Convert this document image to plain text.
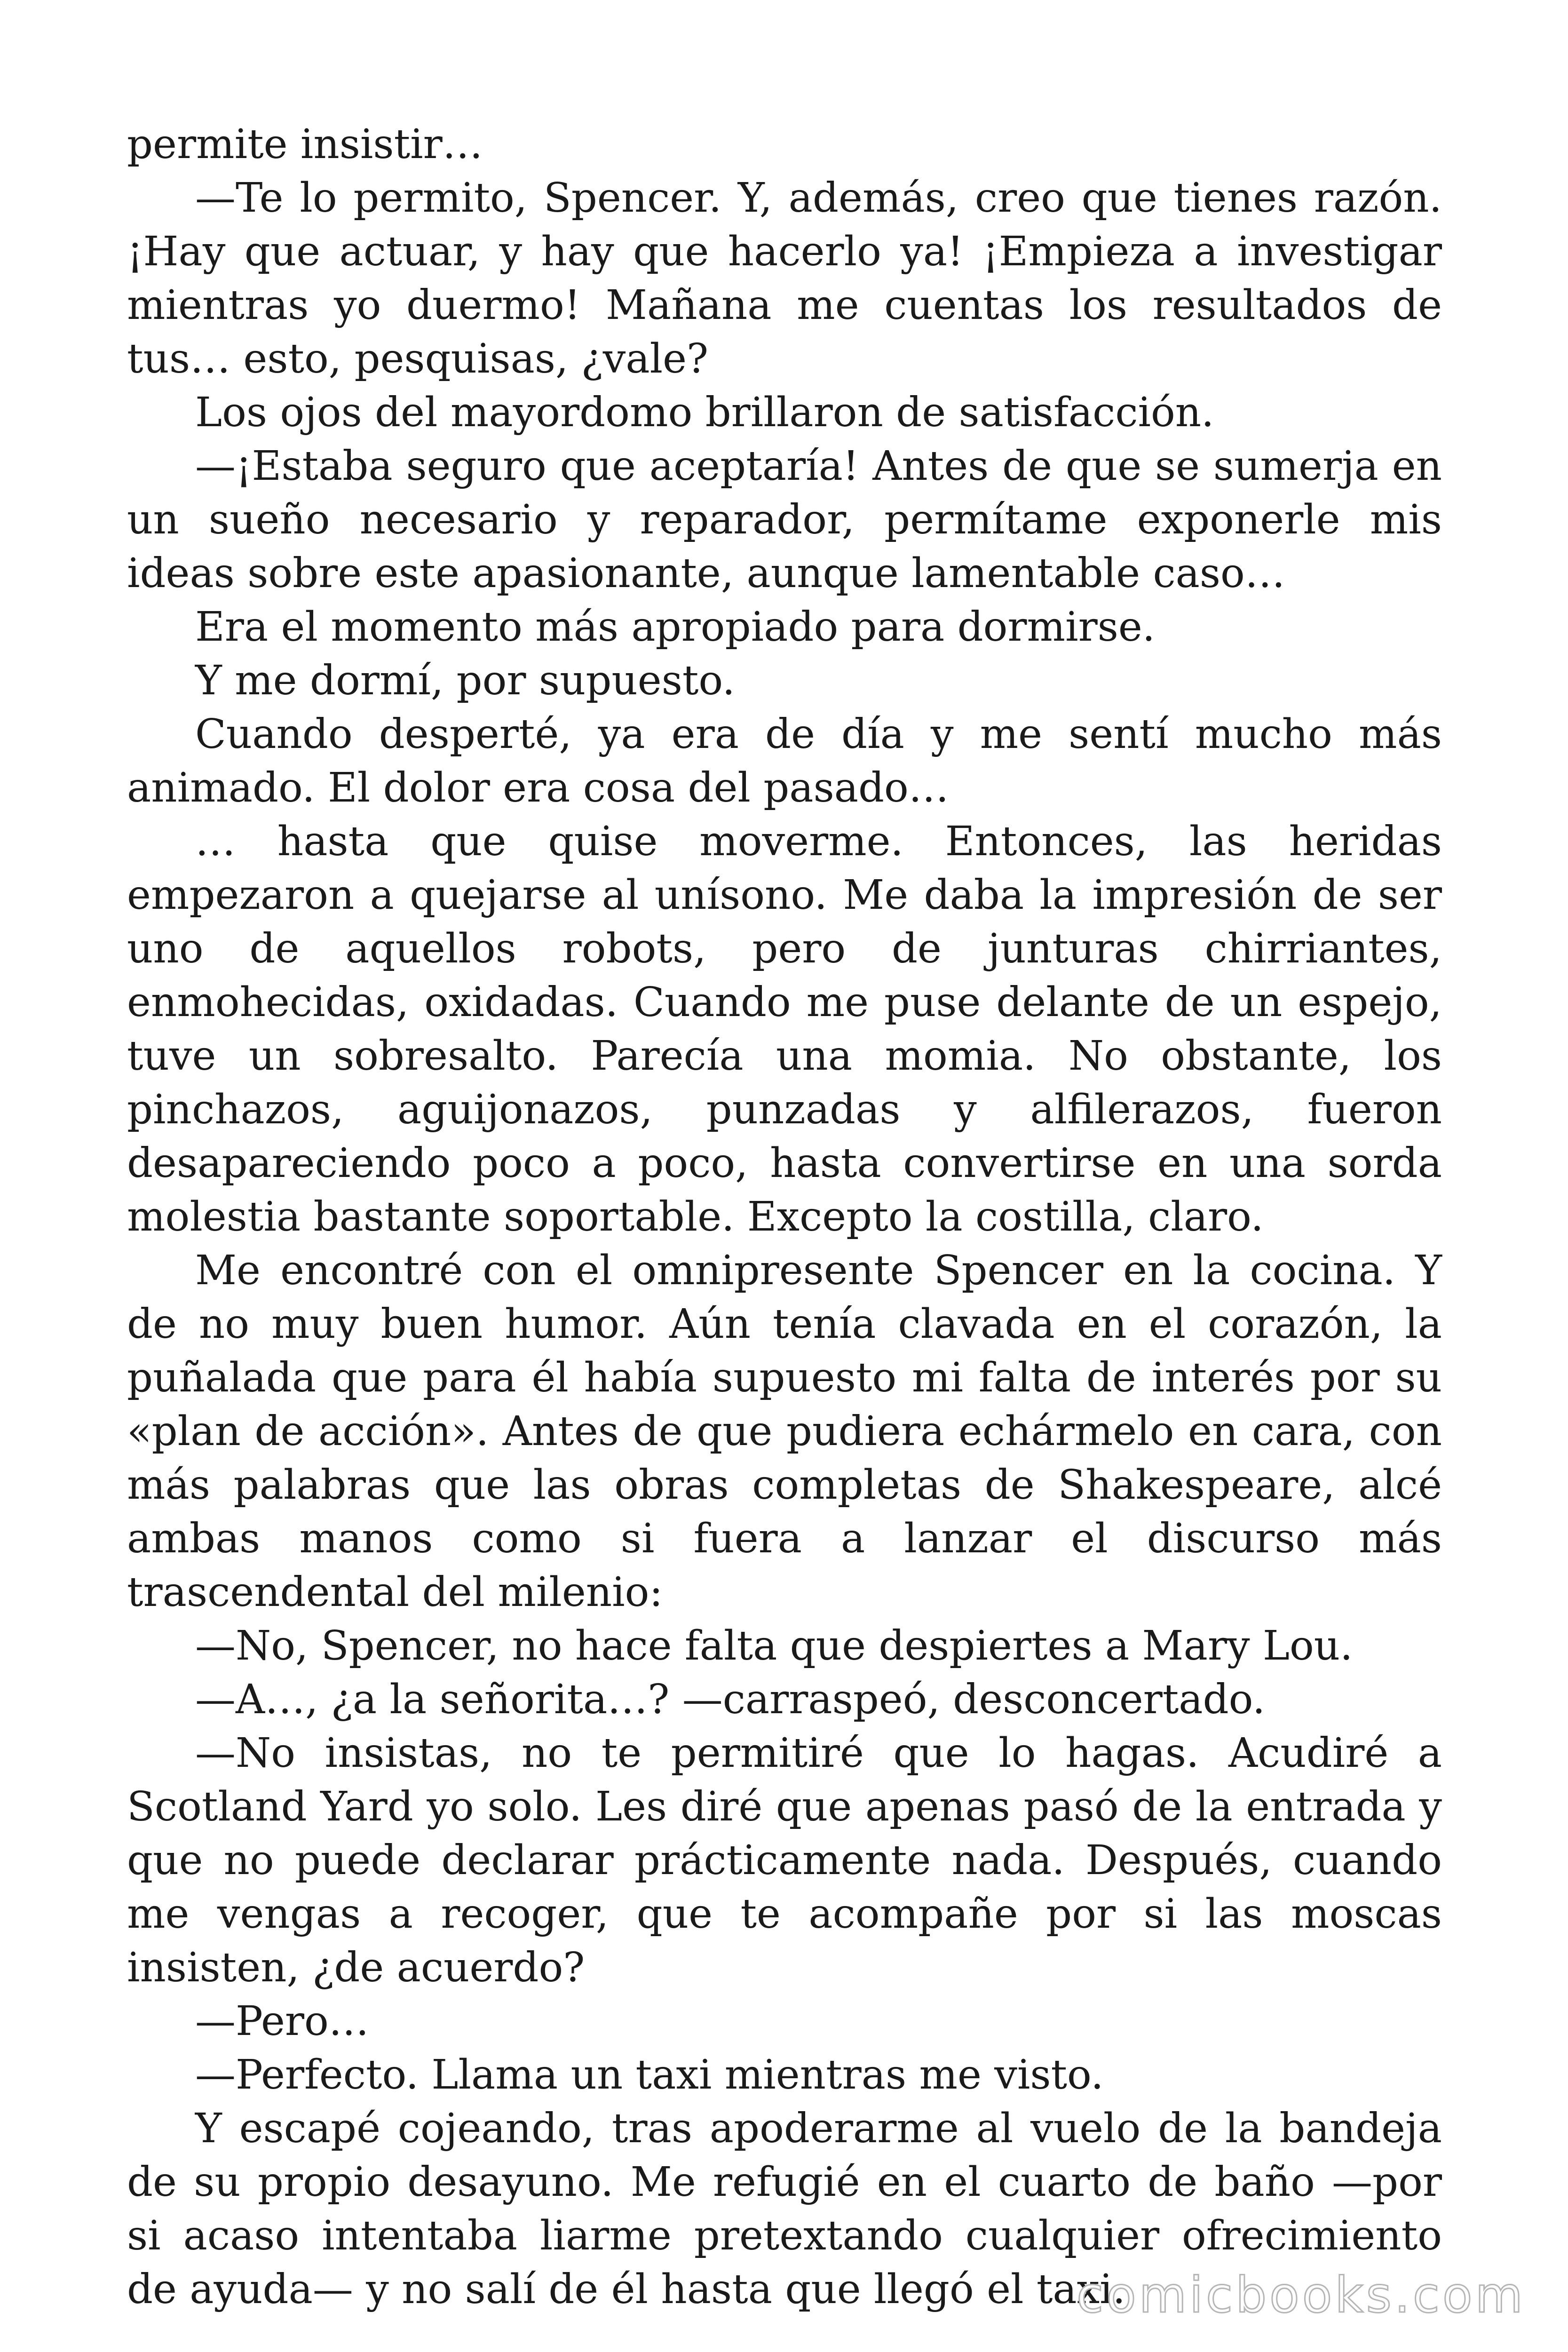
permite insistir…

—Te lo permito, Spencer. Y, además, creo que tienes razón. ¡Hay que actuar, y hay que hacerlo ya! ¡Empieza a investigar mientras yo duermo! Mañana me cuentas los resultados de tus… esto, pesquisas, ¿vale?

Los ojos del mayordomo brillaron de satisfacción.

—¡Estaba seguro que aceptaría! Antes de que se sumerja en un sueño necesario y reparador, permítame exponerle mis ideas sobre este apasionante, aunque lamentable caso…

Era el momento más apropiado para dormirse.

Y me dormí, por supuesto.

Cuando desperté, ya era de día y me sentí mucho más animado. El dolor era cosa del pasado…

… hasta que quise moverme. Entonces, las heridas empezaron a quejarse al unísono. Me daba la impresión de ser uno de aquellos robots, pero de junturas chirriantes, enmohecidas, oxidadas. Cuando me puse delante de un espejo, tuve un sobresalto. Parecía una momia. No obstante, los pinchazos, aguijonazos, punzadas y alfilerazos, fueron desapareciendo poco a poco, hasta convertirse en una sorda molestia bastante soportable. Excepto la costilla, claro.

Me encontré con el omnipresente Spencer en la cocina. Y de no muy buen humor. Aún tenía clavada en el corazón, la puñalada que para él había supuesto mi falta de interés por su «plan de acción». Antes de que pudiera echármelo en cara, con más palabras que las obras completas de Shakespeare, alcé ambas manos como si fuera a lanzar el discurso más trascendental del milenio:

—No, Spencer, no hace falta que despiertes a Mary Lou.

—A…, ¿a la señorita…? —carraspeó, desconcertado.

—No insistas, no te permitiré que lo hagas. Acudiré a Scotland Yard yo solo. Les diré que apenas pasó de la entrada y que no puede declarar prácticamente nada. Después, cuando me vengas a recoger, que te acompañe por si las moscas insisten, ¿de acuerdo?

—Pero…

—Perfecto. Llama un taxi mientras me visto.

Y escapé cojeando, tras apoderarme al vuelo de la bandeja de su propio desayuno. Me refugié en el cuarto de baño —por si acaso intentaba liarme pretextando cualquier ofrecimiento de ayuda— y no salí de él hasta que llegó el taxi.

comicbooks.com
